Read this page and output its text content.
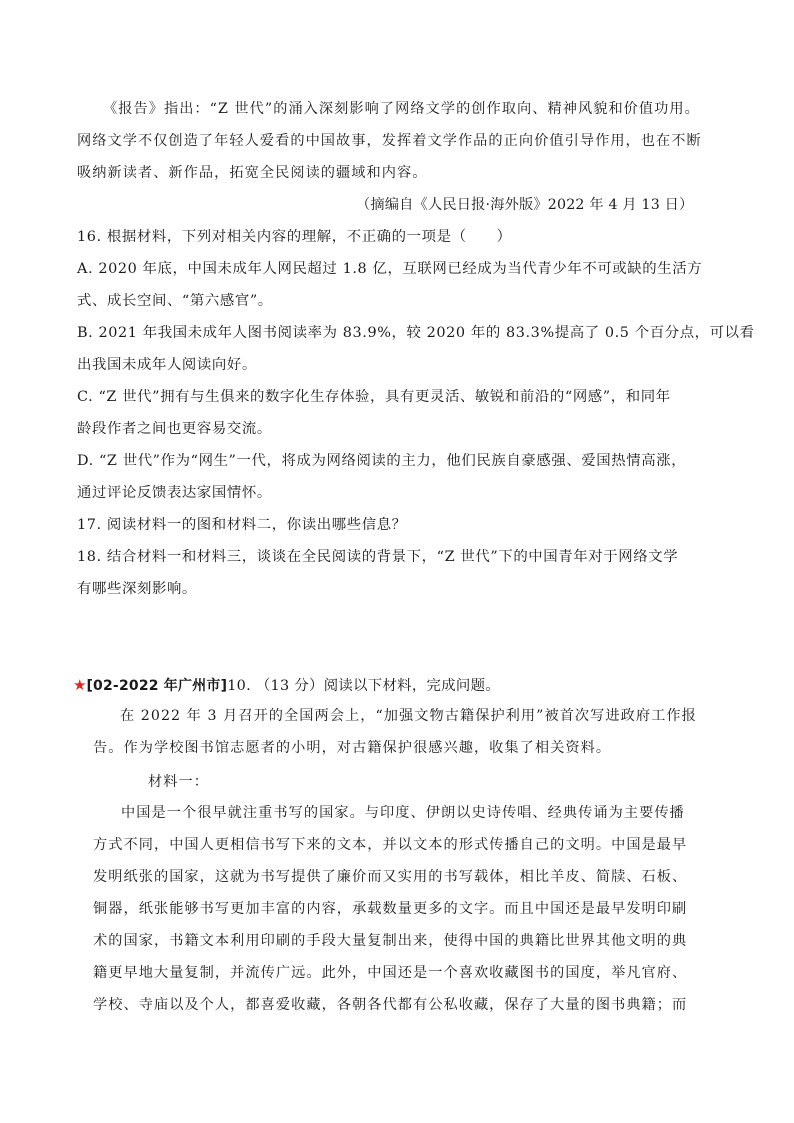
《报告》指出：“Z 世代”的涌入深刻影响了网络文学的创作取向、精神风貌和价值功用。
网络文学不仅创造了年轻人爱看的中国故事，发挥着文学作品的正向价值引导作用，也在不断
吸纳新读者、新作品，拓宽全民阅读的疆域和内容。
（摘编自《人民日报·海外版》2022 年 4 月 13 日）
16. 根据材料，下列对相关内容的理解，不正确的一项是（　　）
A. 2020 年底，中国未成年人网民超过 1.8 亿，互联网已经成为当代青少年不可或缺的生活方
式、成长空间、“第六感官”。
B. 2021 年我国未成年人图书阅读率为 83.9%，较 2020 年的 83.3%提高了 0.5 个百分点，可以看
出我国未成年人阅读向好。
C. “Z 世代”拥有与生俱来的数字化生存体验，具有更灵活、敏锐和前沿的“网感”，和同年
龄段作者之间也更容易交流。
D. “Z 世代”作为“网生”一代，将成为网络阅读的主力，他们民族自豪感强、爱国热情高涨，
通过评论反馈表达家国情怀。
17. 阅读材料一的图和材料二，你读出哪些信息？
18. 结合材料一和材料三，谈谈在全民阅读的背景下，“Z 世代”下的中国青年对于网络文学
有哪些深刻影响。
★[02-2022 年广州市]10. （13 分）阅读以下材料，完成问题。
在 2022 年 3 月召开的全国两会上，“加强文物古籍保护利用”被首次写进政府工作报
告。作为学校图书馆志愿者的小明，对古籍保护很感兴趣，收集了相关资料。
材料一：
中国是一个很早就注重书写的国家。与印度、伊朗以史诗传唱、经典传诵为主要传播
方式不同，中国人更相信书写下来的文本，并以文本的形式传播自己的文明。中国是最早
发明纸张的国家，这就为书写提供了廉价而又实用的书写载体，相比羊皮、简牍、石板、
铜器，纸张能够书写更加丰富的内容，承载数量更多的文字。而且中国还是最早发明印刷
术的国家，书籍文本利用印刷的手段大量复制出来，使得中国的典籍比世界其他文明的典
籍更早地大量复制，并流传广远。此外，中国还是一个喜欢收藏图书的国度，举凡官府、
学校、寺庙以及个人，都喜爱收藏，各朝各代都有公私收藏，保存了大量的图书典籍；而
